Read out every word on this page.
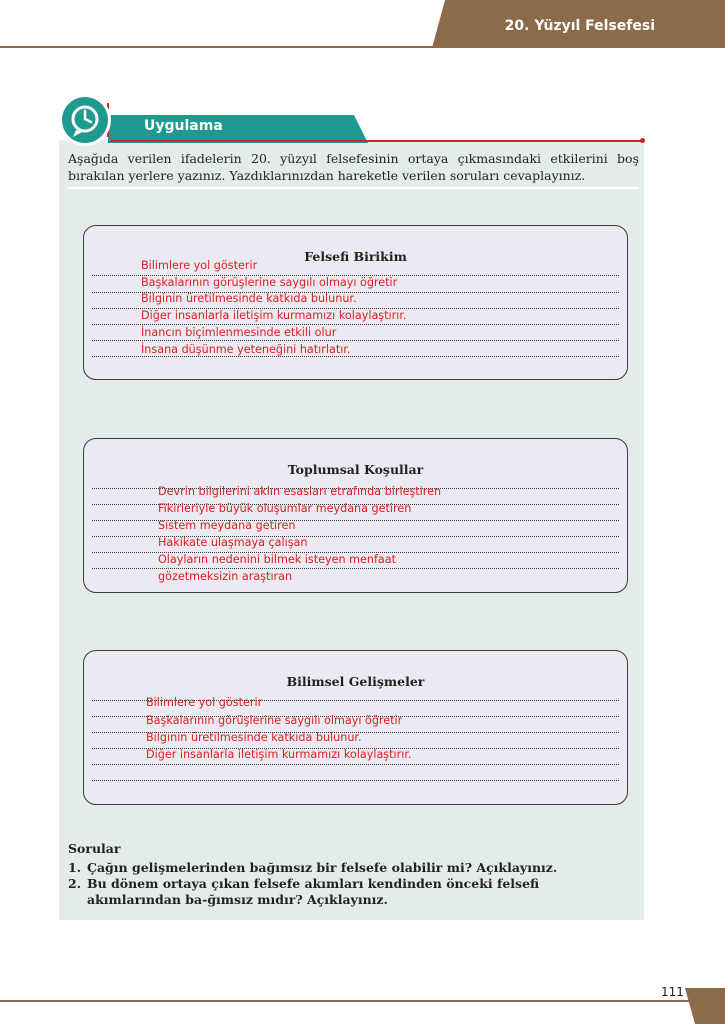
20. Yüzyıl Felsefesi
Uygulama

Aşağıda verilen ifadelerin 20. yüzyıl felsefesinin ortaya çıkmasındaki etkilerini boş bırakılan yerlere yazınız. Yazdıklarınızdan hareketle verilen soruları cevaplayınız.

Felsefi Birikim
Bilimlere yol gösterir
Başkalarının görüşlerine saygılı olmayı öğretir
Bilginin üretilmesinde katkıda bulunur.
Diğer insanlarla iletişim kurmamızı kolaylaştırır.
İnancın biçimlenmesinde etkili olur
İnsana düşünme yeteneğini hatırlatır.
Toplumsal Koşullar
Devrin bilgilerini aklın esasları etrafında birleştiren
Fikirleriyle büyük oluşumlar meydana getiren
Sistem meydana getiren
Hakikate ulaşmaya çalışan
Olayların nedenini bilmek isteyen menfaat
gözetmeksizin araştıran
Bilimsel Gelişmeler
Bilimlere yol gösterir
Başkalarının görüşlerine saygılı olmayı öğretir
Bilginin üretilmesinde katkıda bulunur.
Diğer insanlarla iletişim kurmamızı kolaylaştırır.
Sorular
1. Çağın gelişmelerinden bağımsız bir felsefe olabilir mi? Açıklayınız.
2. Bu dönem ortaya çıkan felsefe akımları kendinden önceki felsefi akımlarından ba-ğımsız mıdır? Açıklayınız.
111
